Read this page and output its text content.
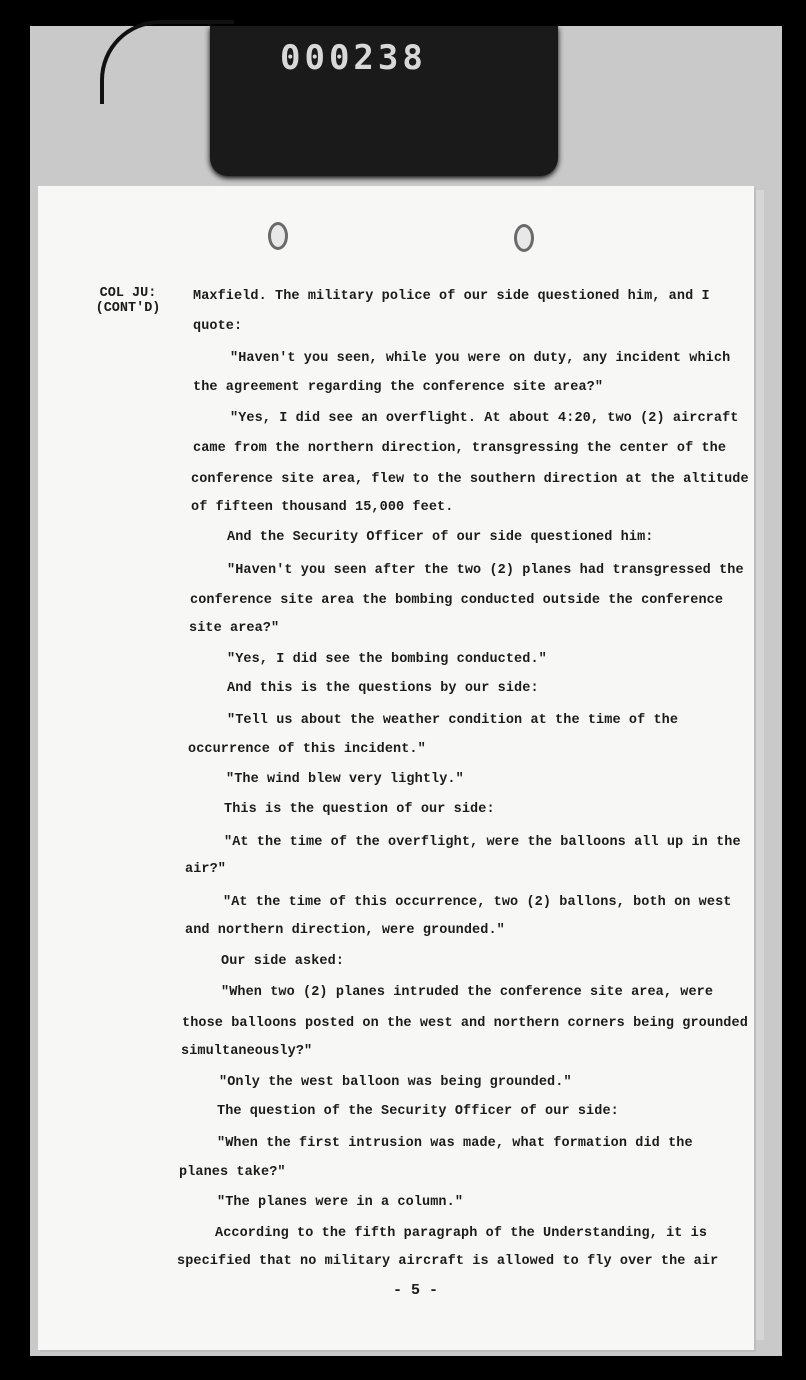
000238
COL JU:
(CONT'D)
Maxfield. The military police of our side questioned him, and I
quote:
"Haven't you seen, while you were on duty, any incident which
the agreement regarding the conference site area?"
"Yes, I did see an overflight. At about 4:20, two (2) aircraft
came from the northern direction, transgressing the center of the
conference site area, flew to the southern direction at the altitude
of fifteen thousand 15,000 feet.
And the Security Officer of our side questioned him:
"Haven't you seen after the two (2) planes had transgressed the
conference site area the bombing conducted outside the conference
site area?"
"Yes, I did see the bombing conducted."
And this is the questions by our side:
"Tell us about the weather condition at the time of the
occurrence of this incident."
"The wind blew very lightly."
This is the question of our side:
"At the time of the overflight, were the balloons all up in the
air?"
"At the time of this occurrence, two (2) ballons, both on west
and northern direction, were grounded."
Our side asked:
"When two (2) planes intruded the conference site area, were
those balloons posted on the west and northern corners being grounded
simultaneously?"
"Only the west balloon was being grounded."
The question of the Security Officer of our side:
"When the first intrusion was made, what formation did the
planes take?"
"The planes were in a column."
According to the fifth paragraph of the Understanding, it is
specified that no military aircraft is allowed to fly over the air
- 5 -
